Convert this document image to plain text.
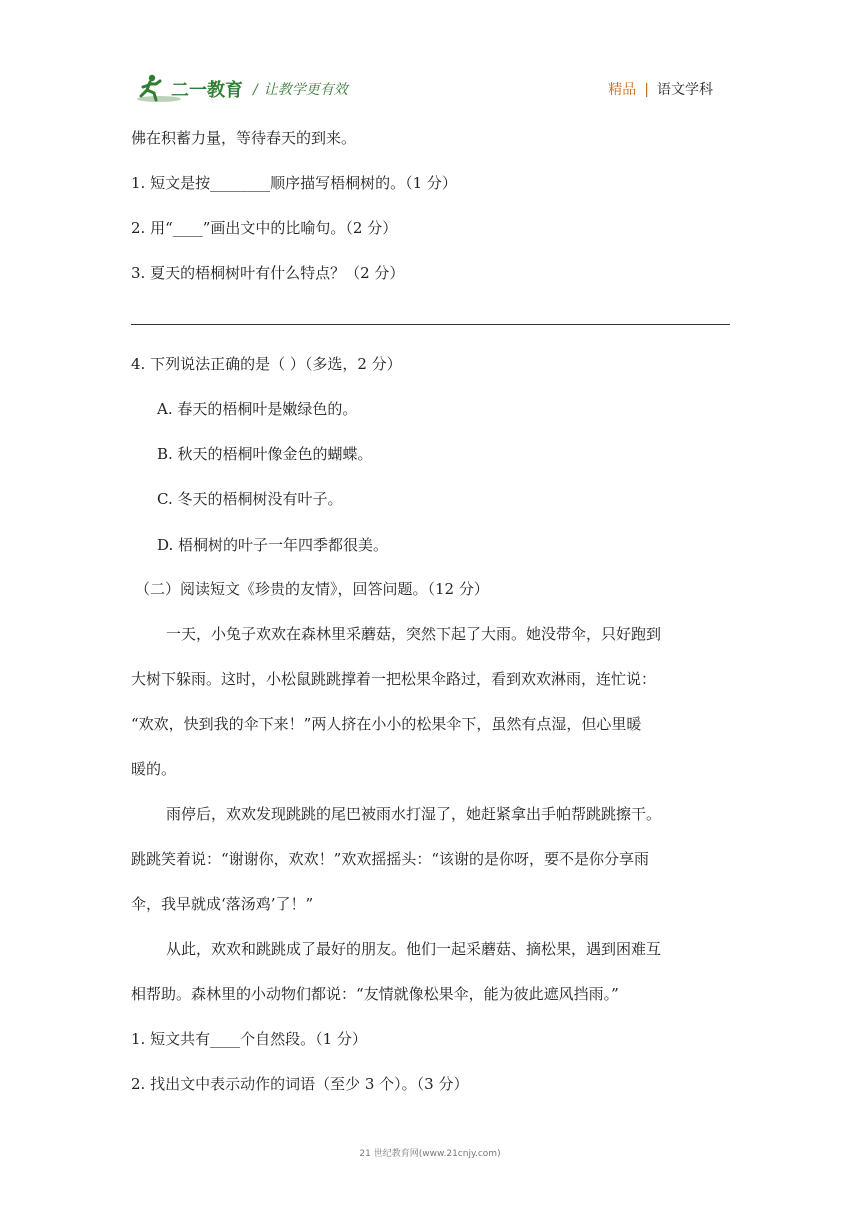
二一教育 / 让教学更有效	精品 | 语文学科
佛在积蓄力量，等待春天的到来。
1. 短文是按________顺序描写梧桐树的。（1 分）
2. 用“____”画出文中的比喻句。（2 分）
3. 夏天的梧桐树叶有什么特点？（2 分）
4. 下列说法正确的是（ ）（多选，2 分）
A. 春天的梧桐叶是嫩绿色的。
B. 秋天的梧桐叶像金色的蝴蝶。
C. 冬天的梧桐树没有叶子。
D. 梧桐树的叶子一年四季都很美。
（二）阅读短文《珍贵的友情》，回答问题。（12 分）
一天，小兔子欢欢在森林里采蘑菇，突然下起了大雨。她没带伞，只好跑到
大树下躲雨。这时，小松鼠跳跳撑着一把松果伞路过，看到欢欢淋雨，连忙说：
“欢欢，快到我的伞下来！”两人挤在小小的松果伞下，虽然有点湿，但心里暖
暖的。
雨停后，欢欢发现跳跳的尾巴被雨水打湿了，她赶紧拿出手帕帮跳跳擦干。
跳跳笑着说：“谢谢你，欢欢！”欢欢摇摇头：“该谢的是你呀，要不是你分享雨
伞，我早就成‘落汤鸡’了！”
从此，欢欢和跳跳成了最好的朋友。他们一起采蘑菇、摘松果，遇到困难互
相帮助。森林里的小动物们都说：“友情就像松果伞，能为彼此遮风挡雨。”
1. 短文共有____个自然段。（1 分）
2. 找出文中表示动作的词语（至少 3 个）。（3 分）
21 世纪教育网(www.21cnjy.com)
